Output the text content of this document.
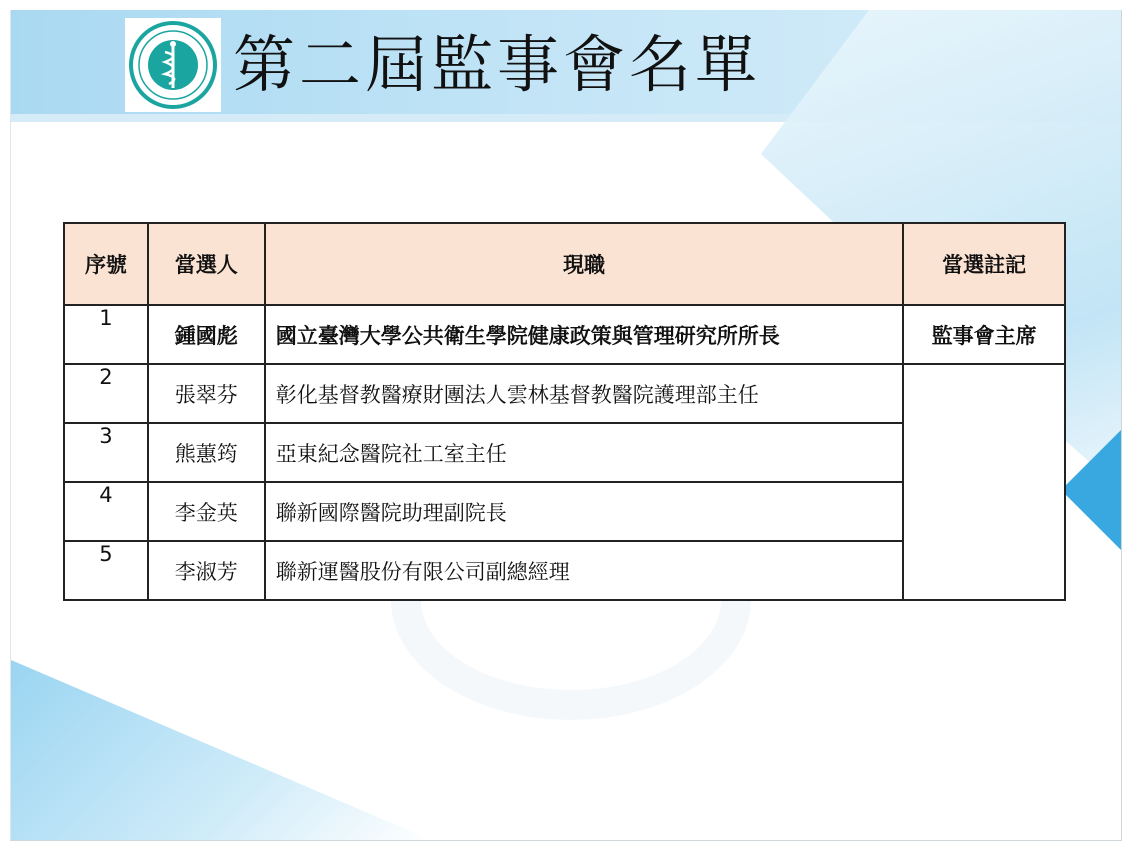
第二屆監事會名單
序號	當選人	現職	當選註記
1	鍾國彪	國立臺灣大學公共衛生學院健康政策與管理研究所所長	監事會主席
2	張翠芬	彰化基督教醫療財團法人雲林基督教醫院護理部主任	
3	熊蕙筠	亞東紀念醫院社工室主任	
4	李金英	聯新國際醫院助理副院長	
5	李淑芳	聯新運醫股份有限公司副總經理	
